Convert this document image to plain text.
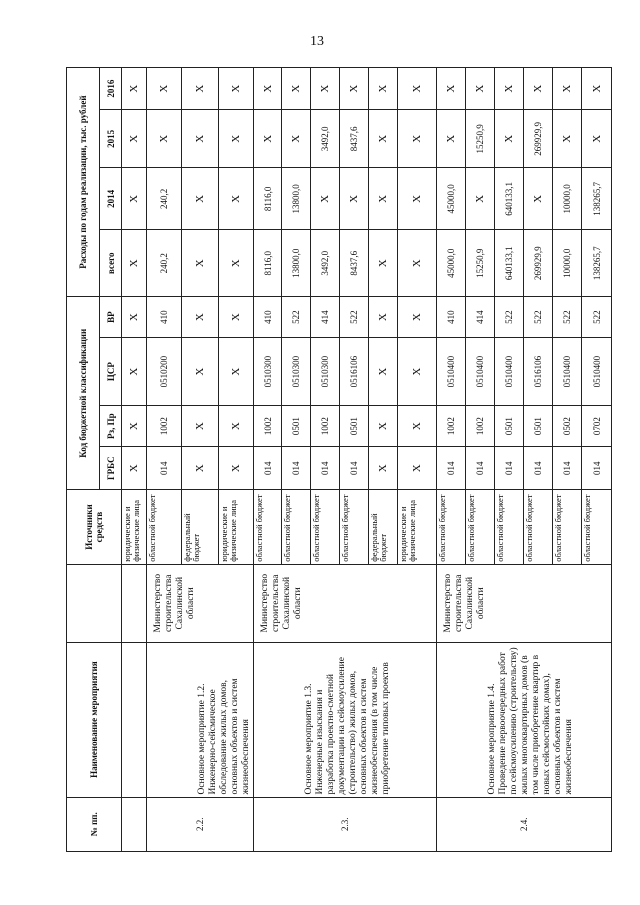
13
№ пп.	Наименование мероприятия		Источники средств	Код бюджетной классификации				Расходы по годам реализации, тыс. рублей			
				ГРБС	Рз, Пр	ЦСР	ВР	всего	2014	2015	2016
			юридические и физические лица	Х	Х	Х	Х	Х	Х	Х	Х
2.2.	Основное мероприятие 1.2. Инженерно-сейсмическое обследование жилых домов, основных объектов и систем жизнеобеспечения	Министерство строительства Сахалинской области	областной бюджет	014	1002	0510200	410	240,2	240,2	Х	Х
			федеральный бюджет	Х	Х	Х	Х	Х	Х	Х	Х
			юридические и физические лица	Х	Х	Х	Х	Х	Х	Х	Х
2.3.	Основное мероприятие 1.3. Инженерные изыскания и разработка проектно-сметной документации на сейсмоусиление (строительство) жилых домов, основных объектов и систем жизнеобеспечения (в том числе приобретение типовых проектов	Министерство строительства Сахалинской области	областной бюджет	014	1002	0510300	410	8116,0	8116,0	Х	Х
			областной бюджет	014	0501	0510300	522	13800,0	13800,0	Х	Х
			областной бюджет	014	1002	0510300	414	3492,0	Х	3492,0	Х
			областной бюджет	014	0501	0516106	522	8437,6	Х	8437,6	Х
			федеральный бюджет	Х	Х	Х	Х	Х	Х	Х	Х
			юридические и физические лица	Х	Х	Х	Х	Х	Х	Х	Х
2.4.	Основное мероприятие 1.4. Проведение первоочередных работ по сейсмоусилению (строительству) жилых многоквартирных домов (в том числе приобретение квартир в новых сейсмостойких домах), основных объектов и систем жизнеобеспечения	Министерство строительства Сахалинской области	областной бюджет	014	1002	0510400	410	45000,0	45000,0	Х	Х
			областной бюджет	014	1002	0510400	414	15250,9	Х	15250,9	Х
			областной бюджет	014	0501	0510400	522	640133,1	640133,1	Х	Х
			областной бюджет	014	0501	0516106	522	269929,9	Х	269929,9	Х
			областной бюджет	014	0502	0510400	522	10000,0	10000,0	Х	Х
			областной бюджет	014	0702	0510400	522	138265,7	138265,7	Х	Х
